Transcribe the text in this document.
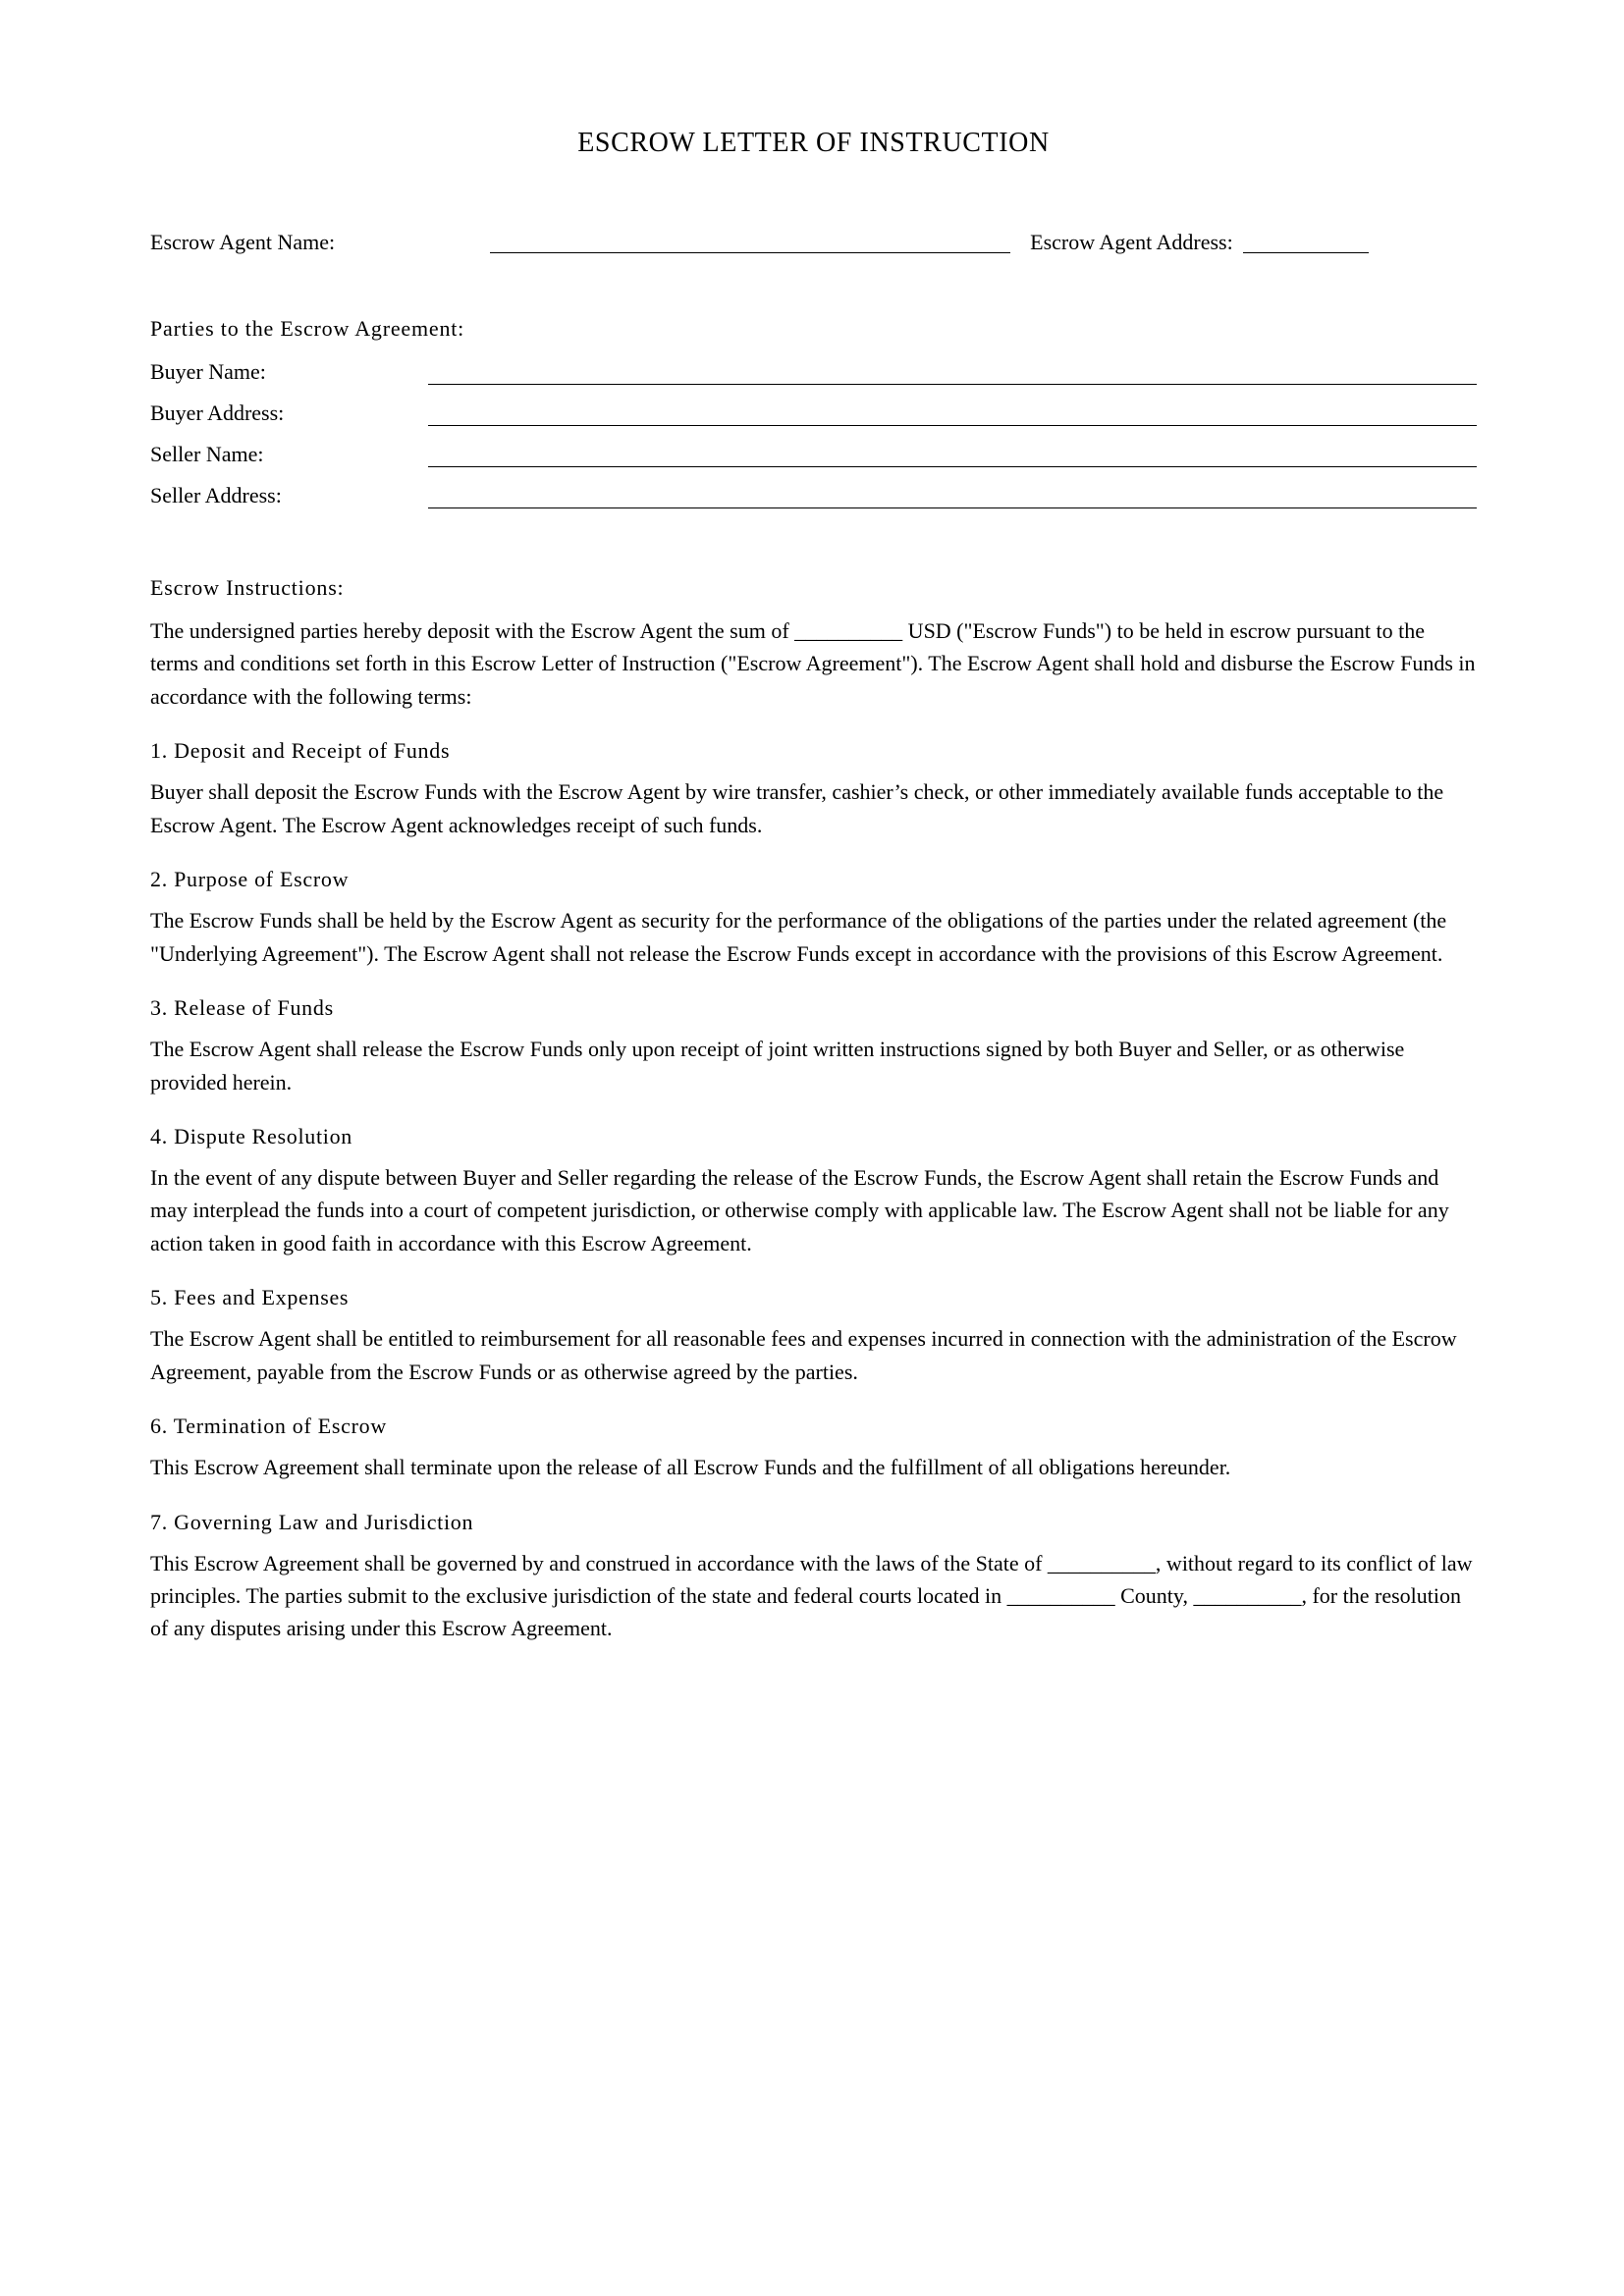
ESCROW LETTER OF INSTRUCTION
Escrow Agent Name:	Escrow Agent Address:
Parties to the Escrow Agreement:
Buyer Name:
Buyer Address:
Seller Name:
Seller Address:
Escrow Instructions:

The undersigned parties hereby deposit with the Escrow Agent the sum of __________ USD ("Escrow Funds") to be held in escrow pursuant to the terms and conditions set forth in this Escrow Letter of Instruction ("Escrow Agreement"). The Escrow Agent shall hold and disburse the Escrow Funds in accordance with the following terms:

1. Deposit and Receipt of Funds

Buyer shall deposit the Escrow Funds with the Escrow Agent by wire transfer, cashier’s check, or other immediately available funds acceptable to the Escrow Agent. The Escrow Agent acknowledges receipt of such funds.

2. Purpose of Escrow

The Escrow Funds shall be held by the Escrow Agent as security for the performance of the obligations of the parties under the related agreement (the "Underlying Agreement"). The Escrow Agent shall not release the Escrow Funds except in accordance with the provisions of this Escrow Agreement.

3. Release of Funds

The Escrow Agent shall release the Escrow Funds only upon receipt of joint written instructions signed by both Buyer and Seller, or as otherwise provided herein.

4. Dispute Resolution

In the event of any dispute between Buyer and Seller regarding the release of the Escrow Funds, the Escrow Agent shall retain the Escrow Funds and may interplead the funds into a court of competent jurisdiction, or otherwise comply with applicable law. The Escrow Agent shall not be liable for any action taken in good faith in accordance with this Escrow Agreement.

5. Fees and Expenses

The Escrow Agent shall be entitled to reimbursement for all reasonable fees and expenses incurred in connection with the administration of the Escrow Agreement, payable from the Escrow Funds or as otherwise agreed by the parties.

6. Termination of Escrow

This Escrow Agreement shall terminate upon the release of all Escrow Funds and the fulfillment of all obligations hereunder.

7. Governing Law and Jurisdiction

This Escrow Agreement shall be governed by and construed in accordance with the laws of the State of __________, without regard to its conflict of law principles. The parties submit to the exclusive jurisdiction of the state and federal courts located in __________ County, __________, for the resolution of any disputes arising under this Escrow Agreement.
